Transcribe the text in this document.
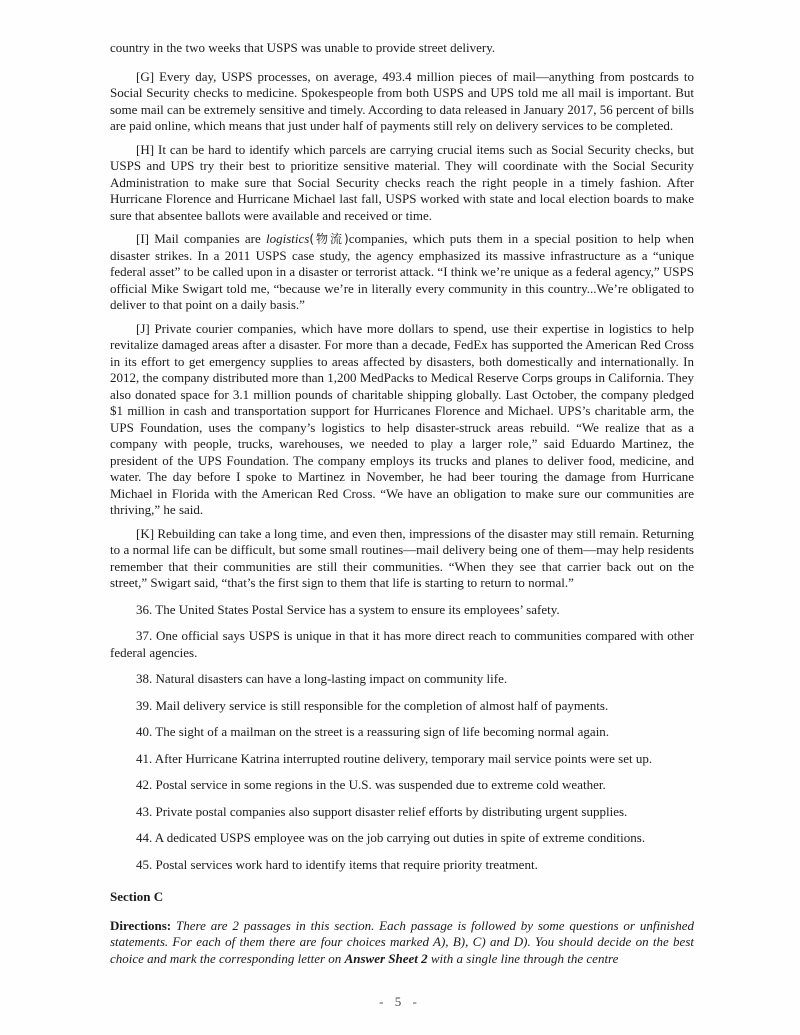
country in the two weeks that USPS was unable to provide street delivery.

[G] Every day, USPS processes, on average, 493.4 million pieces of mail—anything from postcards to Social Security checks to medicine. Spokespeople from both USPS and UPS told me all mail is important. But some mail can be extremely sensitive and timely. According to data released in January 2017, 56 percent of bills are paid online, which means that just under half of payments still rely on delivery services to be completed.

[H] It can be hard to identify which parcels are carrying crucial items such as Social Security checks, but USPS and UPS try their best to prioritize sensitive material. They will coordinate with the Social Security Administration to make sure that Social Security checks reach the right people in a timely fashion. After Hurricane Florence and Hurricane Michael last fall, USPS worked with state and local election boards to make sure that absentee ballots were available and received or time.

[I] Mail companies are logistics(物流)companies, which puts them in a special position to help when disaster strikes. In a 2011 USPS case study, the agency emphasized its massive infrastructure as a “unique federal asset” to be called upon in a disaster or terrorist attack. “I think we’re unique as a federal agency,” USPS official Mike Swigart told me, “because we’re in literally every community in this country...We’re obligated to deliver to that point on a daily basis.”

[J] Private courier companies, which have more dollars to spend, use their expertise in logistics to help revitalize damaged areas after a disaster. For more than a decade, FedEx has supported the American Red Cross in its effort to get emergency supplies to areas affected by disasters, both domestically and internationally. In 2012, the company distributed more than 1,200 MedPacks to Medical Reserve Corps groups in California. They also donated space for 3.1 million pounds of charitable shipping globally. Last October, the company pledged $1 million in cash and transportation support for Hurricanes Florence and Michael. UPS’s charitable arm, the UPS Foundation, uses the company’s logistics to help disaster-struck areas rebuild. “We realize that as a company with people, trucks, warehouses, we needed to play a larger role,” said Eduardo Martinez, the president of the UPS Foundation. The company employs its trucks and planes to deliver food, medicine, and water. The day before I spoke to Martinez in November, he had beer touring the damage from Hurricane Michael in Florida with the American Red Cross. “We have an obligation to make sure our communities are thriving,” he said.

[K] Rebuilding can take a long time, and even then, impressions of the disaster may still remain. Returning to a normal life can be difficult, but some small routines—mail delivery being one of them—may help residents remember that their communities are still their communities. “When they see that carrier back out on the street,” Swigart said, “that’s the first sign to them that life is starting to return to normal.”

36. The United States Postal Service has a system to ensure its employees’ safety.

37. One official says USPS is unique in that it has more direct reach to communities compared with other federal agencies.

38. Natural disasters can have a long-lasting impact on community life.

39. Mail delivery service is still responsible for the completion of almost half of payments.

40. The sight of a mailman on the street is a reassuring sign of life becoming normal again.

41. After Hurricane Katrina interrupted routine delivery, temporary mail service points were set up.

42. Postal service in some regions in the U.S. was suspended due to extreme cold weather.

43. Private postal companies also support disaster relief efforts by distributing urgent supplies.

44. A dedicated USPS employee was on the job carrying out duties in spite of extreme conditions.

45. Postal services work hard to identify items that require priority treatment.

Section C

Directions: There are 2 passages in this section. Each passage is followed by some questions or unfinished statements. For each of them there are four choices marked A), B), C) and D). You should decide on the best choice and mark the corresponding letter on Answer Sheet 2 with a single line through the centre

- 5 -
